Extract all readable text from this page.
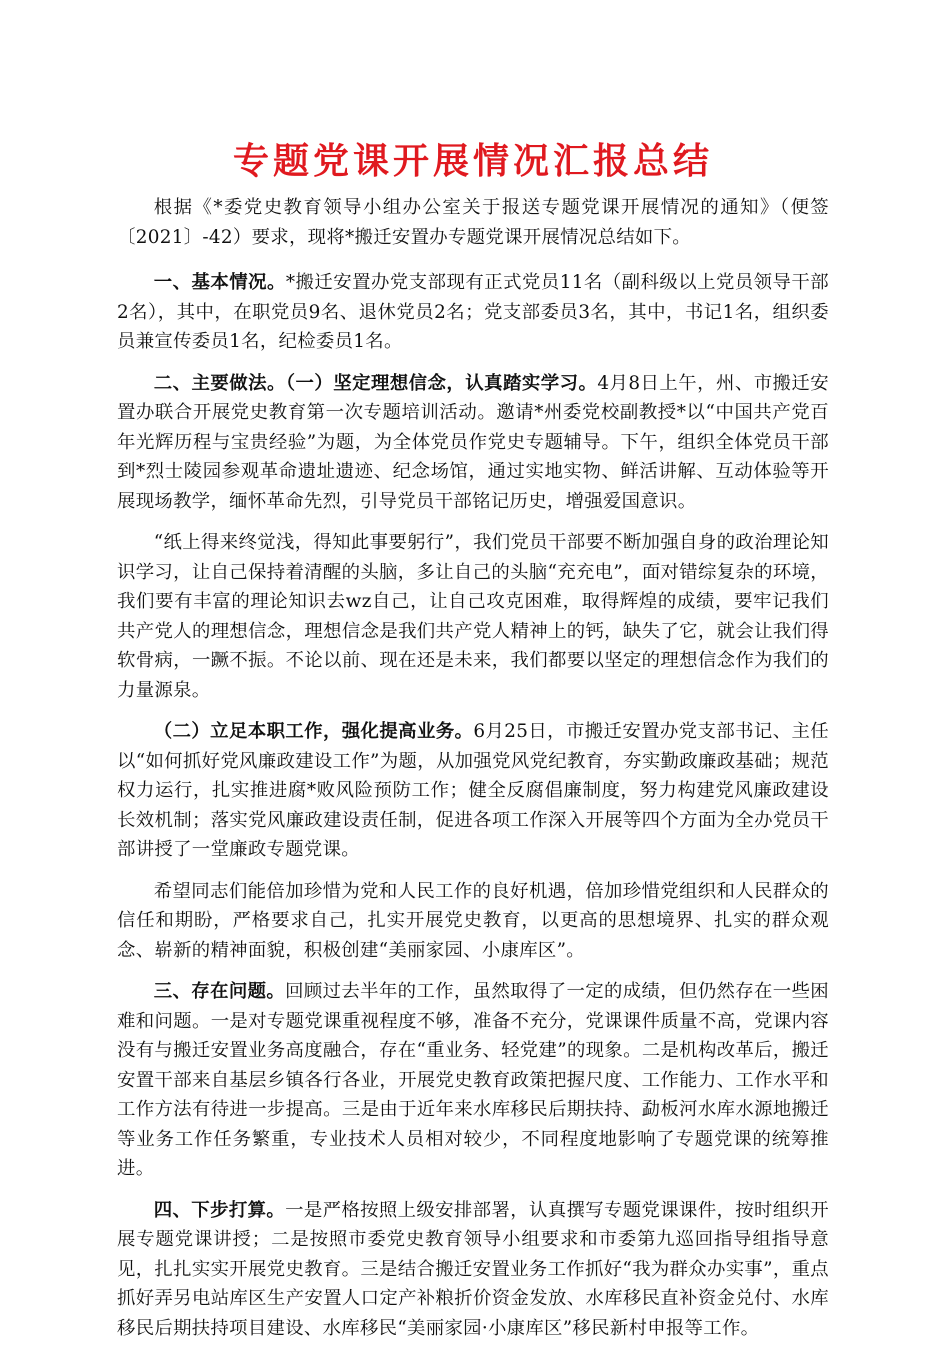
专题党课开展情况汇报总结

根据《*委党史教育领导小组办公室关于报送专题党课开展情况的通知》（便签〔2021〕-42）要求，现将*搬迁安置办专题党课开展情况总结如下。

一、基本情况。*搬迁安置办党支部现有正式党员11名（副科级以上党员领导干部2名），其中，在职党员9名、退休党员2名；党支部委员3名，其中，书记1名，组织委员兼宣传委员1名，纪检委员1名。

二、主要做法。（一）坚定理想信念，认真踏实学习。4月8日上午，州、市搬迁安置办联合开展党史教育第一次专题培训活动。邀请*州委党校副教授*以“中国共产党百年光辉历程与宝贵经验”为题，为全体党员作党史专题辅导。下午，组织全体党员干部到*烈士陵园参观革命遗址遗迹、纪念场馆，通过实地实物、鲜活讲解、互动体验等开展现场教学，缅怀革命先烈，引导党员干部铭记历史，增强爱国意识。

“纸上得来终觉浅，得知此事要躬行”，我们党员干部要不断加强自身的政治理论知识学习，让自己保持着清醒的头脑，多让自己的头脑“充充电”，面对错综复杂的环境，我们要有丰富的理论知识去wz自己，让自己攻克困难，取得辉煌的成绩，要牢记我们共产党人的理想信念，理想信念是我们共产党人精神上的钙，缺失了它，就会让我们得软骨病，一蹶不振。不论以前、现在还是未来，我们都要以坚定的理想信念作为我们的力量源泉。

（二）立足本职工作，强化提高业务。6月25日，市搬迁安置办党支部书记、主任以“如何抓好党风廉政建设工作”为题，从加强党风党纪教育，夯实勤政廉政基础；规范权力运行，扎实推进腐*败风险预防工作；健全反腐倡廉制度，努力构建党风廉政建设长效机制；落实党风廉政建设责任制，促进各项工作深入开展等四个方面为全办党员干部讲授了一堂廉政专题党课。

希望同志们能倍加珍惜为党和人民工作的良好机遇，倍加珍惜党组织和人民群众的信任和期盼，严格要求自己，扎实开展党史教育，以更高的思想境界、扎实的群众观念、崭新的精神面貌，积极创建“美丽家园、小康库区”。

三、存在问题。回顾过去半年的工作，虽然取得了一定的成绩，但仍然存在一些困难和问题。一是对专题党课重视程度不够，准备不充分，党课课件质量不高，党课内容没有与搬迁安置业务高度融合，存在“重业务、轻党建”的现象。二是机构改革后，搬迁安置干部来自基层乡镇各行各业，开展党史教育政策把握尺度、工作能力、工作水平和工作方法有待进一步提高。三是由于近年来水库移民后期扶持、勐板河水库水源地搬迁等业务工作任务繁重，专业技术人员相对较少，不同程度地影响了专题党课的统筹推进。

四、下步打算。一是严格按照上级安排部署，认真撰写专题党课课件，按时组织开展专题党课讲授；二是按照市委党史教育领导小组要求和市委第九巡回指导组指导意见，扎扎实实开展党史教育。三是结合搬迁安置业务工作抓好“我为群众办实事”，重点抓好弄另电站库区生产安置人口定产补粮折价资金发放、水库移民直补资金兑付、水库移民后期扶持项目建设、水库移民“美丽家园·小康库区”移民新村申报等工作。
